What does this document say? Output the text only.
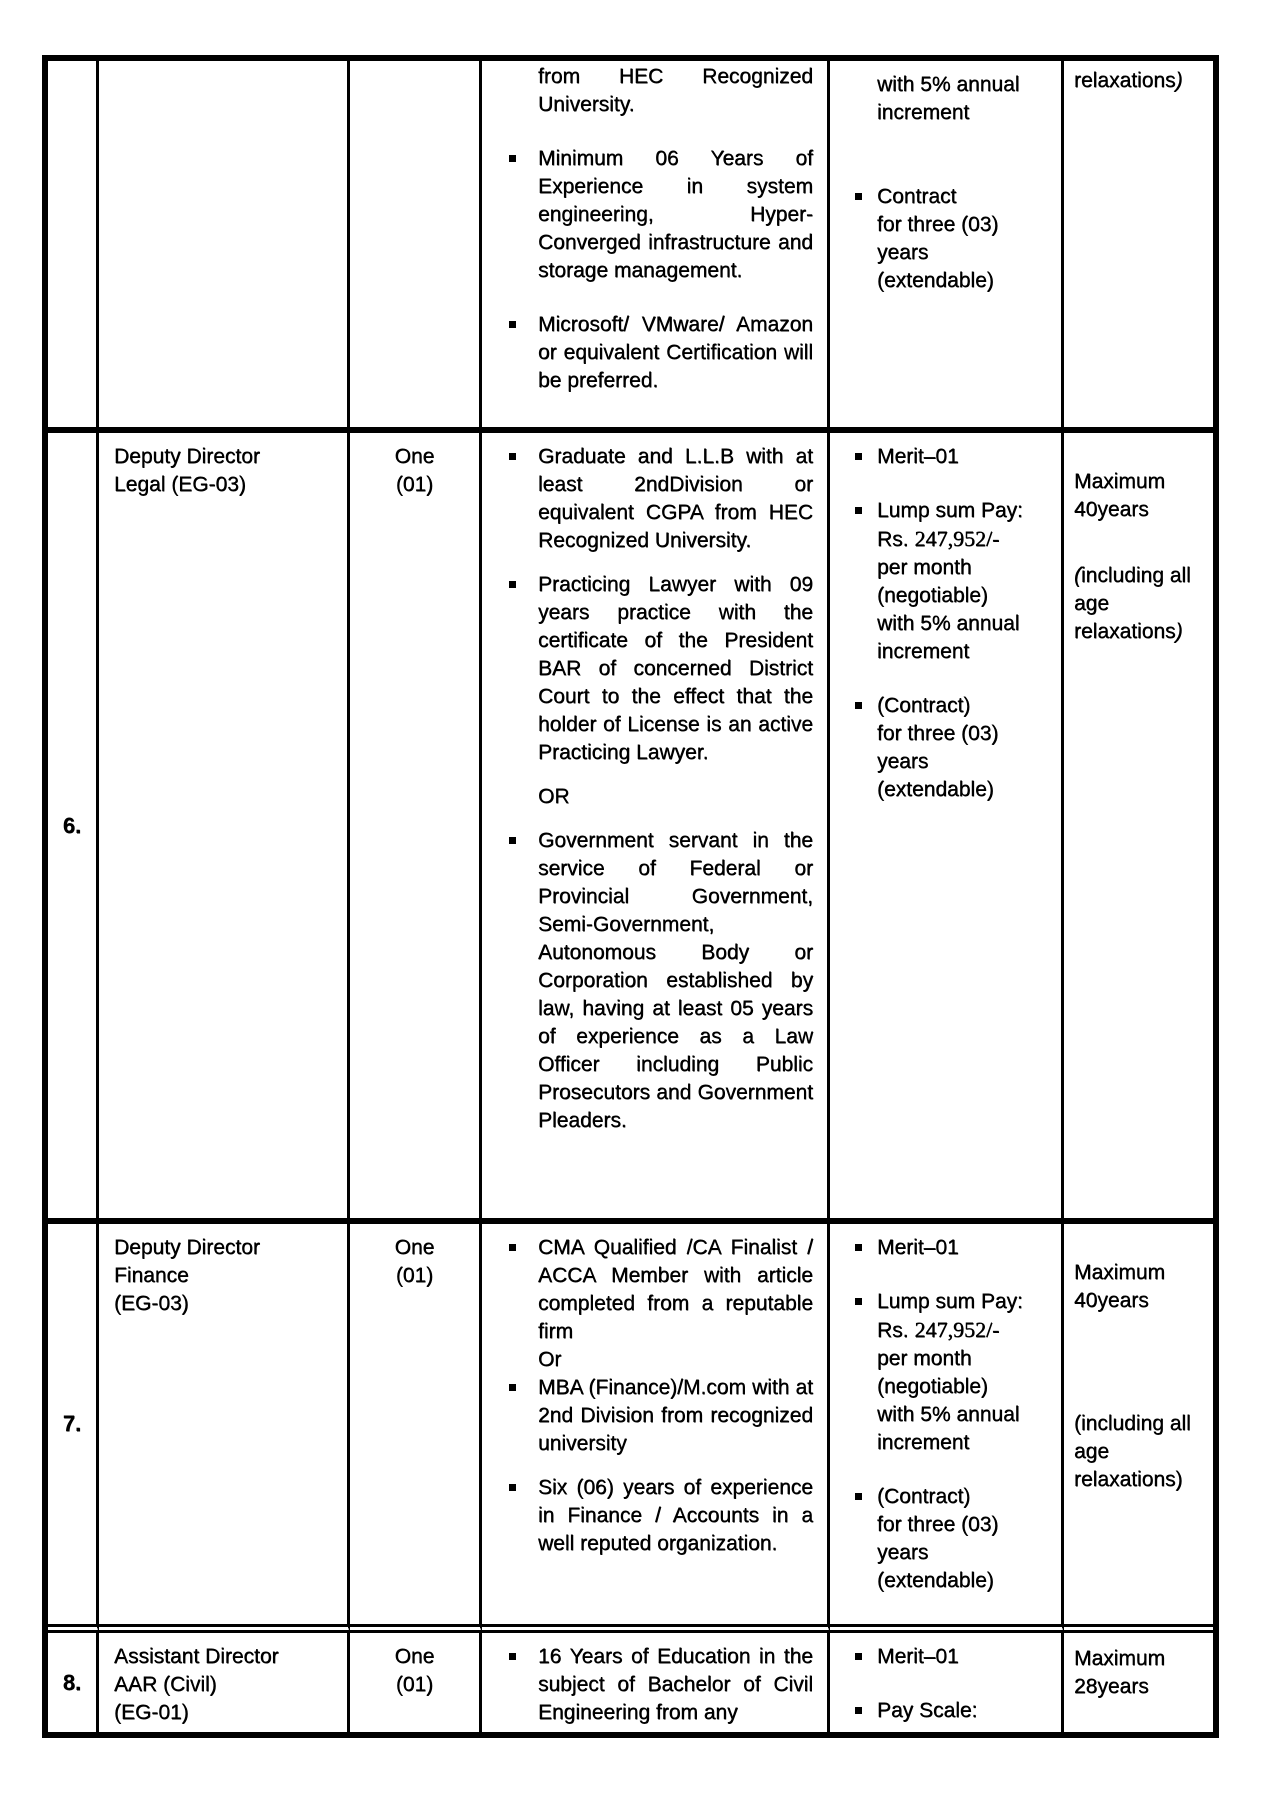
from HEC Recognized University.
Minimum 06 Years of Experience in system engineering, Hyper-Converged infrastructure and storage management.
Microsoft/ VMware/ Amazon or equivalent Certification will be preferred.
with 5% annual
increment
Contract
for three (03)
years
(extendable)
relaxations)
6.
Deputy Director
Legal (EG-03)
One
(01)
Graduate and L.L.B with at least 2ndDivision or equivalent CGPA from HEC Recognized University.
Practicing Lawyer with 09 years practice with the certificate of the President BAR of concerned District Court to the effect that the holder of License is an active Practicing Lawyer.
OR
Government servant in the service of Federal or Provincial Government, Semi-Government, Autonomous Body or Corporation established by law, having at least 05 years of experience as a Law Officer including Public Prosecutors and Government Pleaders.
Merit–01
Lump sum Pay:
Rs. 247,952/-
per month
(negotiable)
with 5% annual
increment
(Contract)
for three (03)
years
(extendable)
Maximum
40years
(including all age relaxations)
7.
Deputy Director
Finance
(EG-03)
One
(01)
CMA Qualified /CA Finalist / ACCA Member with article completed from a reputable firm
Or
MBA (Finance)/M.com with at 2nd Division from recognized university
Six (06) years of experience in Finance / Accounts in a well reputed organization.
Merit–01
Lump sum Pay:
Rs. 247,952/-
per month
(negotiable)
with 5% annual
increment
(Contract)
for three (03)
years
(extendable)
Maximum
40years
(including all age relaxations)
8.
Assistant Director
AAR (Civil)
(EG-01)
One
(01)
16 Years of Education in the subject of Bachelor of Civil Engineering from any
Merit–01
Pay Scale:
Maximum
28years
